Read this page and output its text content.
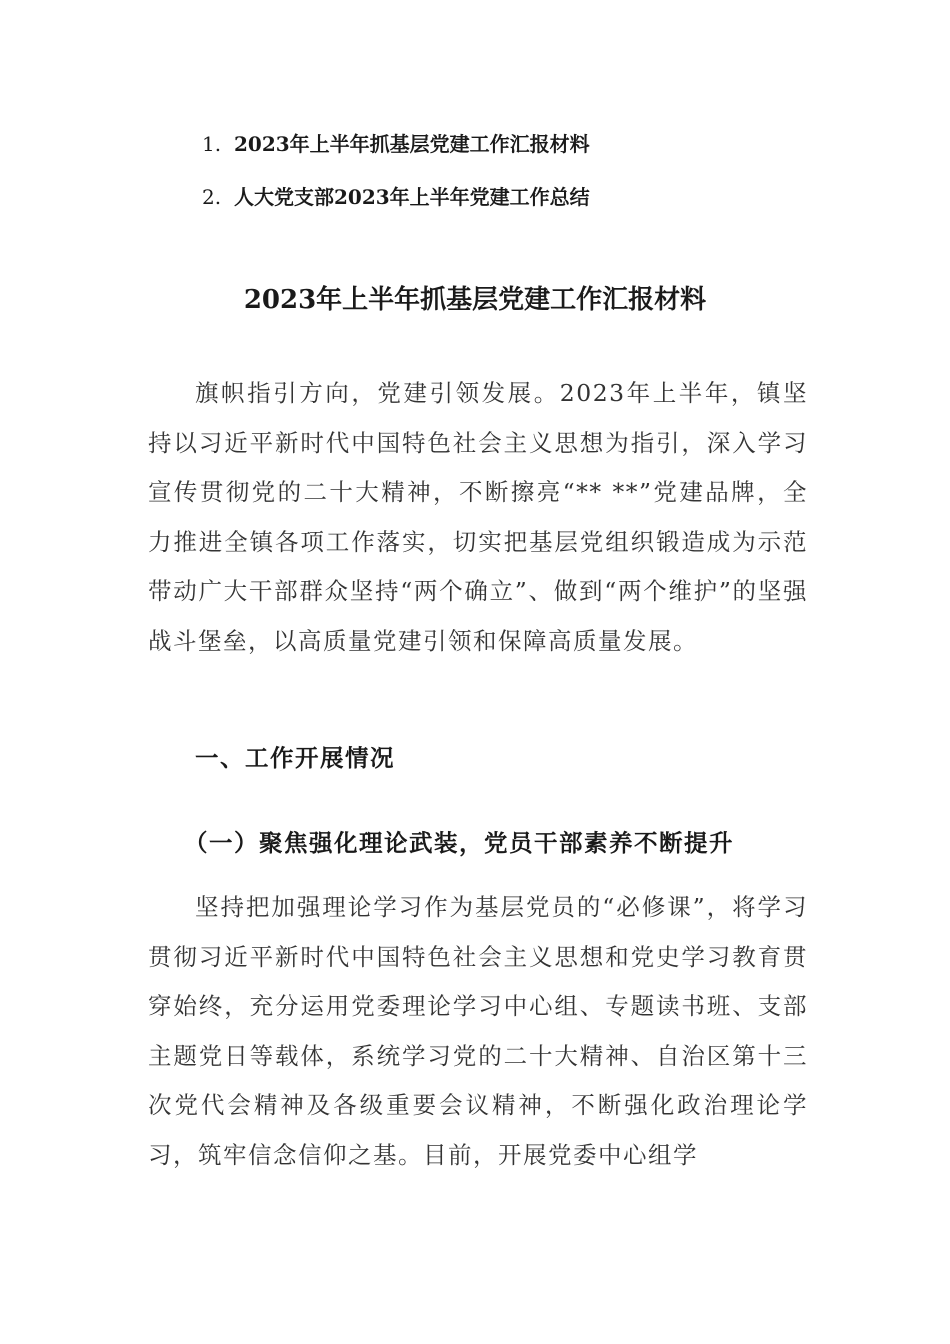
1. 2023年上半年抓基层党建工作汇报材料
2. 人大党支部2023年上半年党建工作总结
2023年上半年抓基层党建工作汇报材料
旗帜指引方向，党建引领发展。2023年上半年，镇坚持以习近平新时代中国特色社会主义思想为指引，深入学习宣传贯彻党的二十大精神，不断擦亮“** **”党建品牌，全力推进全镇各项工作落实，切实把基层党组织锻造成为示范带动广大干部群众坚持“两个确立”、做到“两个维护”的坚强战斗堡垒，以高质量党建引领和保障高质量发展。
一、工作开展情况
（一）聚焦强化理论武装，党员干部素养不断提升
坚持把加强理论学习作为基层党员的“必修课”，将学习贯彻习近平新时代中国特色社会主义思想和党史学习教育贯穿始终，充分运用党委理论学习中心组、专题读书班、支部主题党日等载体，系统学习党的二十大精神、自治区第十三次党代会精神及各级重要会议精神，不断强化政治理论学习，筑牢信念信仰之基。目前，开展党委中心组学
